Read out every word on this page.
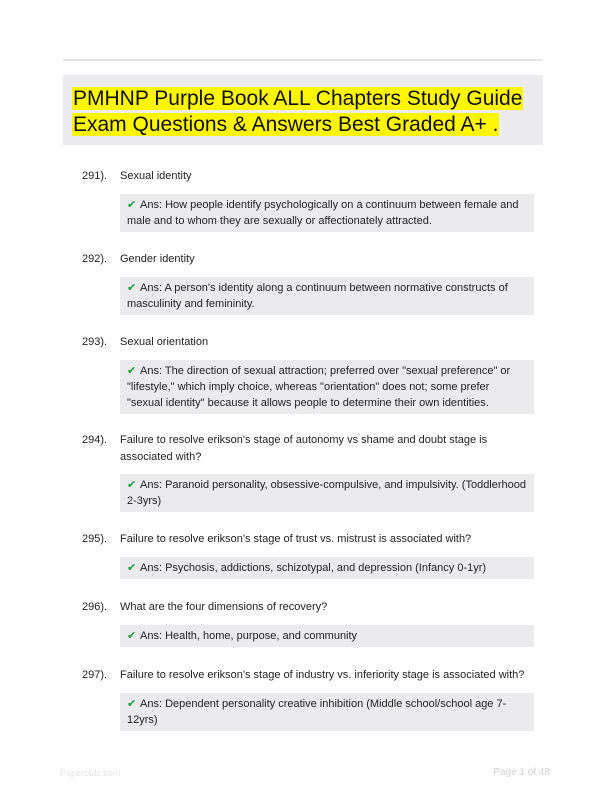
PMHNP Purple Book ALL Chapters Study Guide Exam Questions & Answers Best Graded A+ .
291). Sexual identity
✔ Ans: How people identify psychologically on a continuum between female and male and to whom they are sexually or affectionately attracted.
292). Gender identity
✔ Ans: A person's identity along a continuum between normative constructs of masculinity and femininity.
293). Sexual orientation
✔ Ans: The direction of sexual attraction; preferred over "sexual preference" or "lifestyle," which imply choice, whereas "orientation" does not; some prefer "sexual identity" because it allows people to determine their own identities.
294). Failure to resolve erikson's stage of autonomy vs shame and doubt stage is associated with?
✔ Ans: Paranoid personality, obsessive-compulsive, and impulsivity. (Toddlerhood 2-3yrs)
295). Failure to resolve erikson's stage of trust vs. mistrust is associated with?
✔ Ans: Psychosis, addictions, schizotypal, and depression (Infancy 0-1yr)
296). What are the four dimensions of recovery?
✔ Ans: Health, home, purpose, and community
297). Failure to resolve erikson's stage of industry vs. inferiority stage is associated with?
✔ Ans: Dependent personality creative inhibition (Middle school/school age 7-12yrs)
Paperbtdc.com	Page 1 of 48
